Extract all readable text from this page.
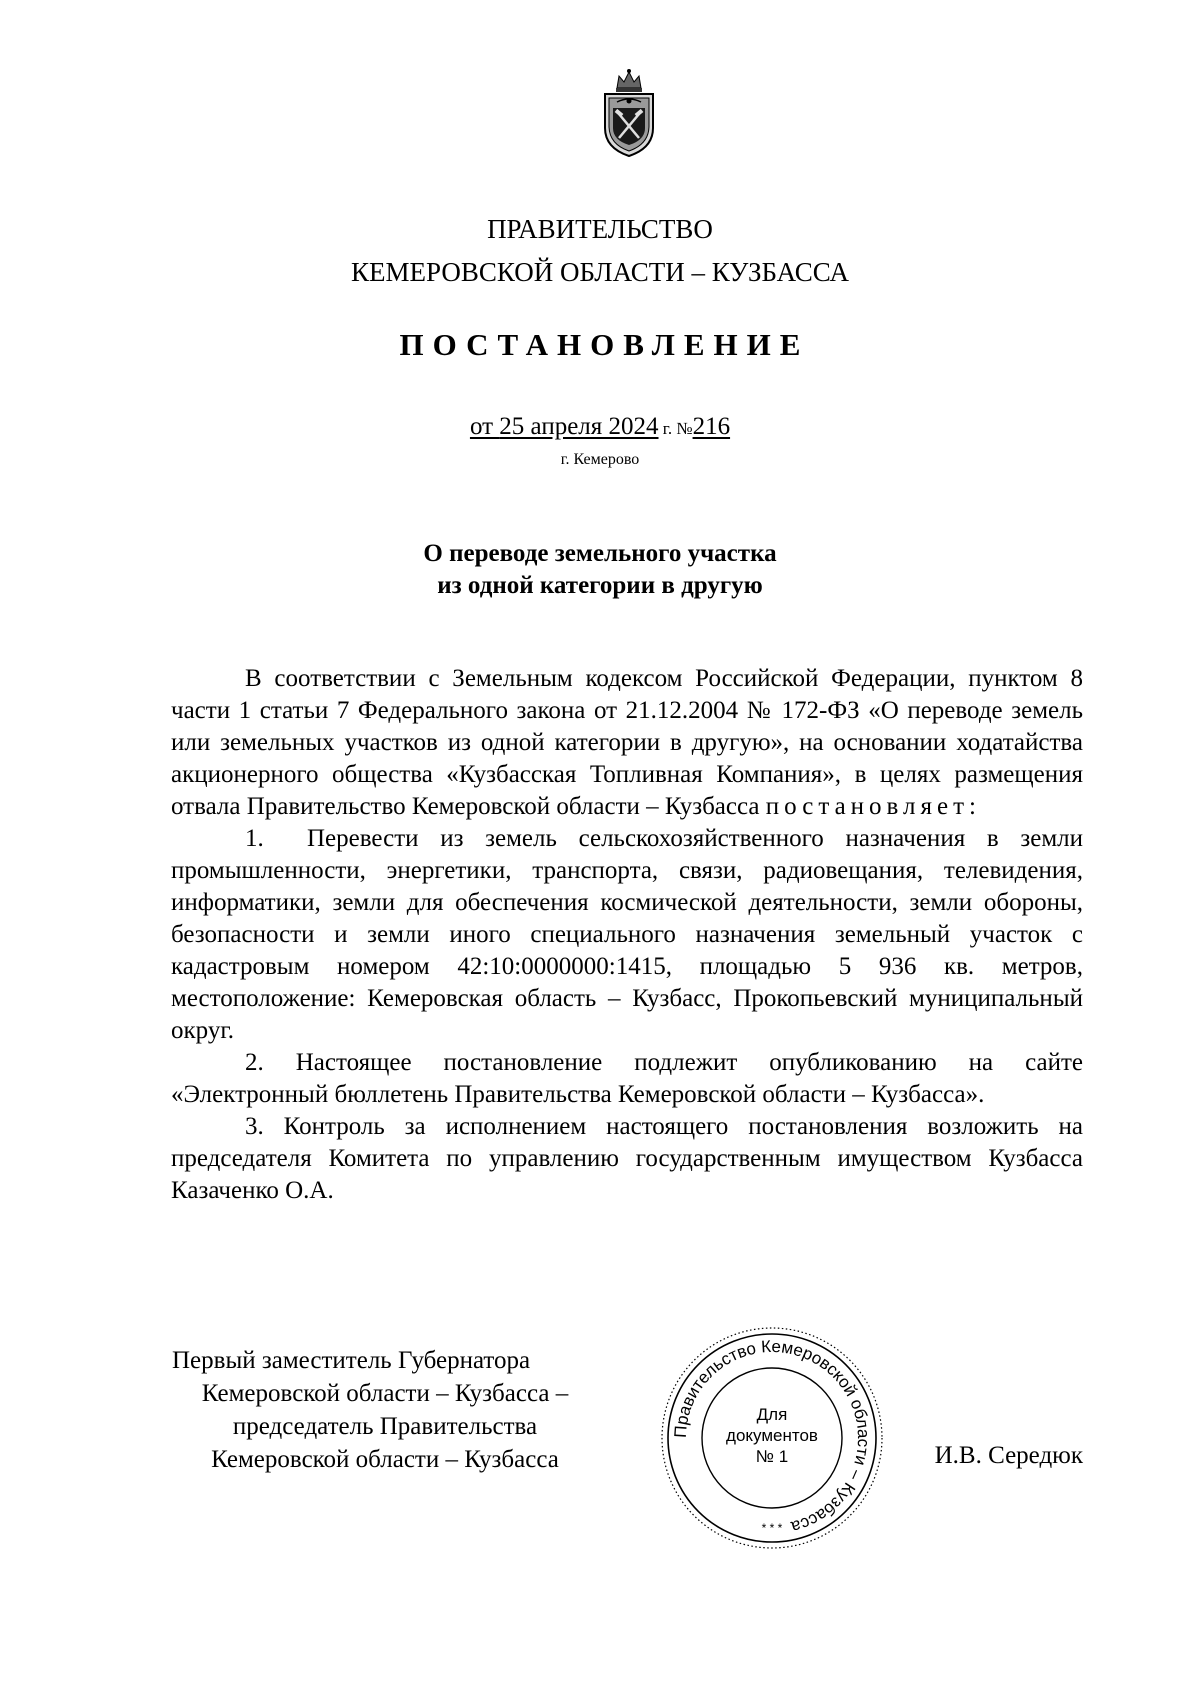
ПРАВИТЕЛЬСТВО
КЕМЕРОВСКОЙ ОБЛАСТИ – КУЗБАССА
ПОСТАНОВЛЕНИЕ
от 25 апреля 2024 г. №216
г. Кемерово
О переводе земельного участка
из одной категории в другую

В соответствии с Земельным кодексом Российской Федерации, пунктом 8 части 1 статьи 7 Федерального закона от 21.12.2004 № 172-ФЗ «О переводе земель или земельных участков из одной категории в другую», на основании ходатайства акционерного общества «Кузбасская Топливная Компания», в целях размещения отвала Правительство Кемеровской области – Кузбасса постановляет:

1. Перевести из земель сельскохозяйственного назначения в земли промышленности, энергетики, транспорта, связи, радиовещания, телевидения, информатики, земли для обеспечения космической деятельности, земли обороны, безопасности и земли иного специального назначения земельный участок с кадастровым номером 42:10:0000000:1415, площадью 5 936 кв. метров, местоположение: Кемеровская область – Кузбасс, Прокопьевский муниципальный округ.

2. Настоящее постановление подлежит опубликованию на сайте «Электронный бюллетень Правительства Кемеровской области – Кузбасса».

3. Контроль за исполнением настоящего постановления возложить на председателя Комитета по управлению государственным имуществом Кузбасса Казаченко О.А.

Первый заместитель Губернатора
Кемеровской области – Кузбасса –
председатель Правительства
Кемеровской области – Кузбасса
Правительство Кемеровской области – Кузбасса
Для
документов
№ 1
* * *
И.В. Середюк
